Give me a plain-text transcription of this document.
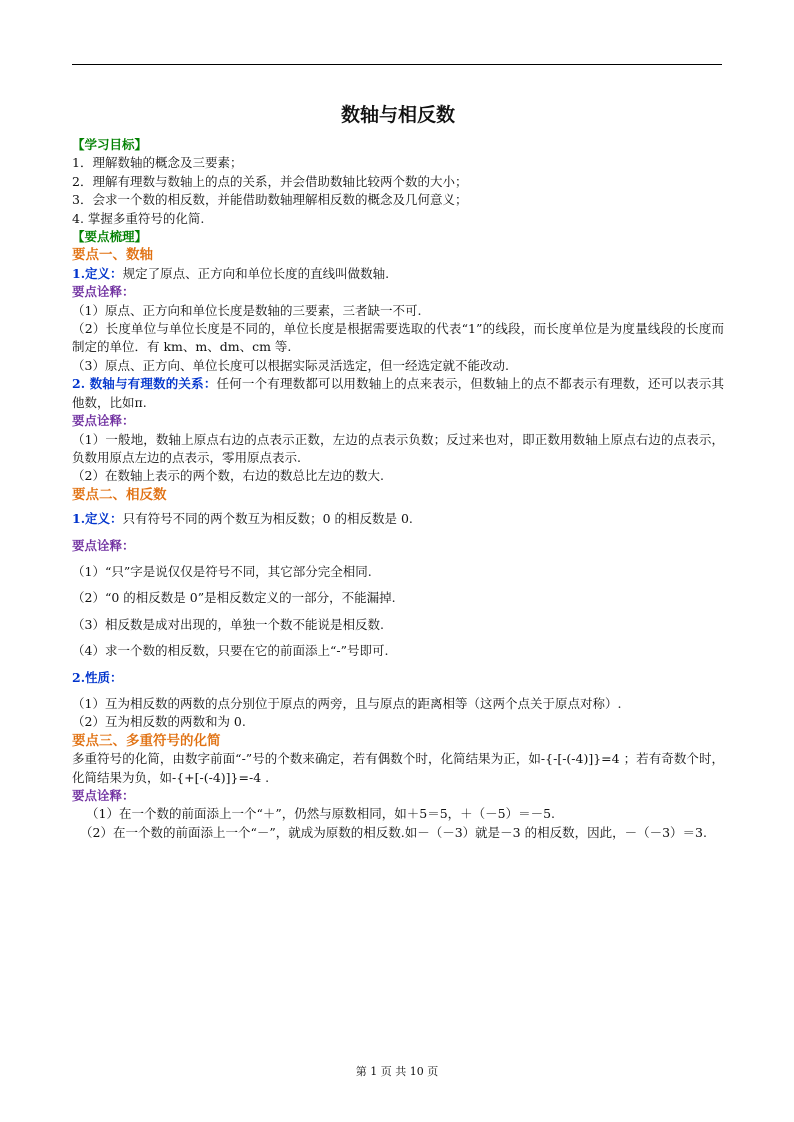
数轴与相反数
【学习目标】
1．理解数轴的概念及三要素；
2．理解有理数与数轴上的点的关系，并会借助数轴比较两个数的大小；
3．会求一个数的相反数，并能借助数轴理解相反数的概念及几何意义；
4. 掌握多重符号的化简.
【要点梳理】
要点一、数轴
1.定义：规定了原点、正方向和单位长度的直线叫做数轴.
要点诠释：
（1）原点、正方向和单位长度是数轴的三要素，三者缺一不可.
（2）长度单位与单位长度是不同的，单位长度是根据需要选取的代表“1”的线段，而长度单位是为度量线段的长度而制定的单位．有 km、m、dm、cm 等.
（3）原点、正方向、单位长度可以根据实际灵活选定，但一经选定就不能改动.
2. 数轴与有理数的关系：任何一个有理数都可以用数轴上的点来表示，但数轴上的点不都表示有理数，还可以表示其他数，比如π.
要点诠释：
（1）一般地，数轴上原点右边的点表示正数，左边的点表示负数；反过来也对，即正数用数轴上原点右边的点表示，负数用原点左边的点表示，零用原点表示.
（2）在数轴上表示的两个数，右边的数总比左边的数大.
要点二、相反数
1.定义：只有符号不同的两个数互为相反数；0 的相反数是 0.
要点诠释：
（1）“只”字是说仅仅是符号不同，其它部分完全相同.
（2）“0 的相反数是 0”是相反数定义的一部分，不能漏掉.
（3）相反数是成对出现的，单独一个数不能说是相反数.
（4）求一个数的相反数，只要在它的前面添上“-”号即可.
2.性质：
（1）互为相反数的两数的点分别位于原点的两旁，且与原点的距离相等（这两个点关于原点对称）.
（2）互为相反数的两数和为 0.
要点三、多重符号的化简
多重符号的化简，由数字前面“-”号的个数来确定，若有偶数个时，化简结果为正，如-{-[-(-4)]}=4 ；若有奇数个时，化简结果为负，如-{+[-(-4)]}=-4 .
要点诠释：
（1）在一个数的前面添上一个“＋”，仍然与原数相同，如＋5＝5，＋（－5）＝－5.
（2）在一个数的前面添上一个“－”，就成为原数的相反数.如－（－3）就是－3 的相反数，因此，－（－3）＝3.
第 1 页 共 10 页
